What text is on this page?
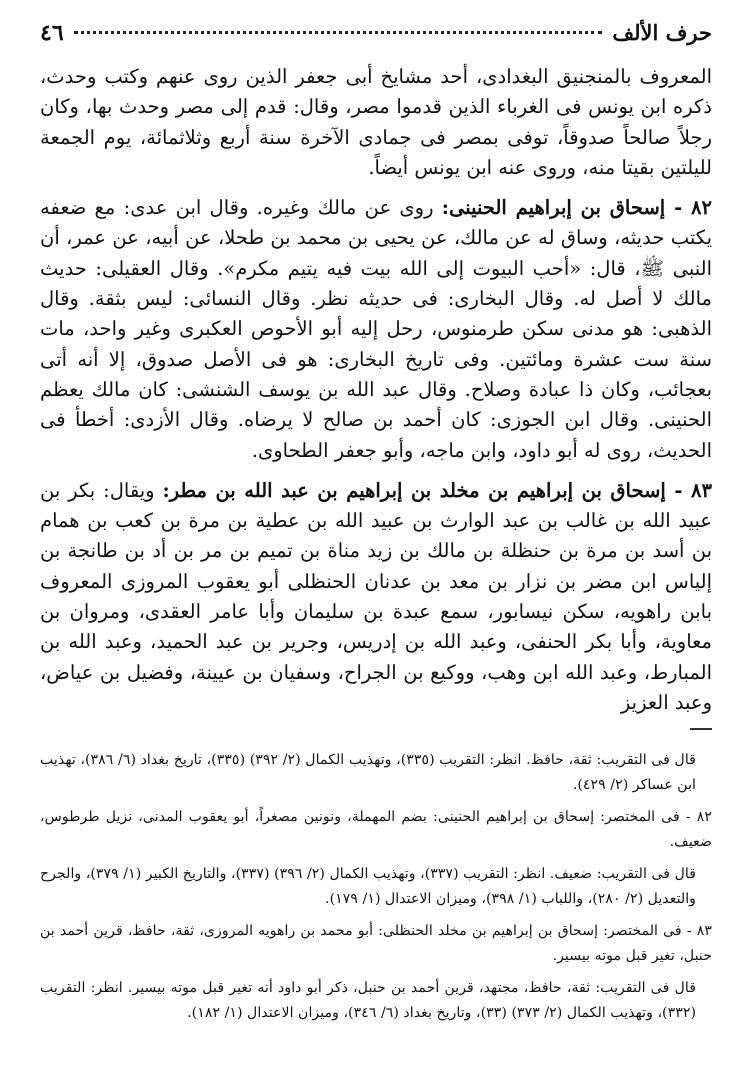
حرف الألف
٤٦

المعروف بالمنجنيق البغدادى، أحد مشايخ أبى جعفر الذين روى عنهم وكتب وحدث، ذكره ابن يونس فى الغرباء الذين قدموا مصر، وقال: قدم إلى مصر وحدث بها، وكان رجلاً صالحاً صدوقاً، توفى بمصر فى جمادى الآخرة سنة أربع وثلاثمائة، يوم الجمعة لليلتين بقيتا منه، وروى عنه ابن يونس أيضاً.

٨٢ - إسحاق بن إبراهيم الحنينى: روى عن مالك وغيره. وقال ابن عدى: مع ضعفه يكتب حديثه، وساق له عن مالك، عن يحيى بن محمد بن طحلا، عن أبيه، عن عمر، أن النبى ﷺ، قال: «أحب البيوت إلى الله بيت فيه يتيم مكرم». وقال العقيلى: حديث مالك لا أصل له. وقال البخارى: فى حديثه نظر. وقال النسائى: ليس بثقة. وقال الذهبى: هو مدنى سكن طرمنوس، رحل إليه أبو الأحوص العكبرى وغير واحد، مات سنة ست عشرة ومائتين. وفى تاريخ البخارى: هو فى الأصل صدوق، إلا أنه أتى بعجائب، وكان ذا عبادة وصلاح. وقال عبد الله بن يوسف الشنشى: كان مالك يعظم الحنينى. وقال ابن الجوزى: كان أحمد بن صالح لا يرضاه. وقال الأزدى: أخطأ فى الحديث، روى له أبو داود، وابن ماجه، وأبو جعفر الطحاوى.

٨٣ - إسحاق بن إبراهيم بن مخلد بن إبراهيم بن عبد الله بن مطر: ويقال: بكر بن عبيد الله بن غالب بن عبد الوارث بن عبيد الله بن عطية بن مرة بن كعب بن همام بن أسد بن مرة بن حنظلة بن مالك بن زيد مناة بن تميم بن مر بن أد بن طانجة بن إلياس ابن مضر بن نزار بن معد بن عدنان الحنظلى أبو يعقوب المروزى المعروف بابن راهويه، سكن نيسابور، سمع عبدة بن سليمان وأبا عامر العقدى، ومروان بن معاوية، وأبا بكر الحنفى، وعبد الله بن إدريس، وجرير بن عبد الحميد، وعبد الله بن المبارط، وعبد الله ابن وهب، ووكيع بن الجراح، وسفيان بن عيينة، وفضيل بن عياض، وعبد العزيز

قال فى التقريب: ثقة، حافظ. انظر: التقريب (٣٣٥)، وتهذيب الكمال (٢/ ٣٩٢) (٣٣٥)، تاريخ بغداد (٦/ ٣٨٦)، تهذيب ابن عساكر (٢/ ٤٢٩).

٨٢ - فى المختصر: إسحاق بن إبراهيم الحنينى: بضم المهملة، ونونين مصغراً، أبو يعقوب المدنى، نزيل طرطوس، ضعيف.

قال فى التقريب: ضعيف. انظر: التقريب (٣٣٧)، وتهذيب الكمال (٢/ ٣٩٦) (٣٣٧)، والتاريخ الكبير (١/ ٣٧٩)، والجرح والتعديل (٢/ ٢٨٠)، واللباب (١/ ٣٩٨)، وميزان الاعتدال (١/ ١٧٩).

٨٣ - فى المختصر: إسحاق بن إبراهيم بن مخلد الحنظلى: أبو محمد بن راهويه المروزى، ثقة، حافظ، قرين أحمد بن حنبل، تغير قبل موته بيسير.

قال فى التقريب: ثقة، حافظ، مجتهد، قرين أحمد بن حنبل، ذكر أبو داود أنه تغير قبل موته بيسير. انظر: التقريب (٣٣٢)، وتهذيب الكمال (٢/ ٣٧٣) (٣٣)، وتاريخ بغداد (٦/ ٣٤٦)، وميزان الاعتدال (١/ ١٨٢).
